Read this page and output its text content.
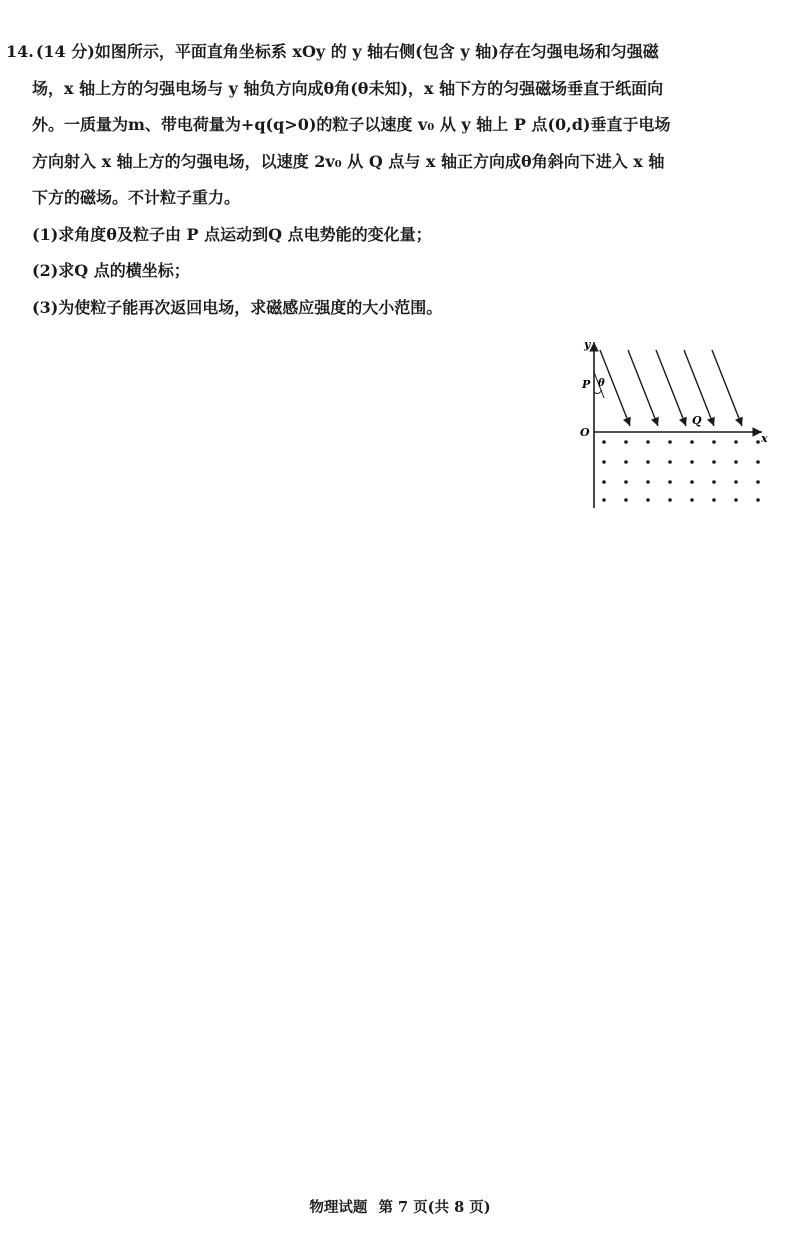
14. (14 分)如图所示，平面直角坐标系 xOy 的 y 轴右侧(包含 y 轴)存在匀强电场和匀强磁

场，x 轴上方的匀强电场与 y 轴负方向成θ角(θ未知)，x 轴下方的匀强磁场垂直于纸面向

外。一质量为m、带电荷量为+q(q>0)的粒子以速度 v₀ 从 y 轴上 P 点(0,d)垂直于电场

方向射入 x 轴上方的匀强电场，以速度 2v₀ 从 Q 点与 x 轴正方向成θ角斜向下进入 x 轴

下方的磁场。不计粒子重力。

(1)求角度θ及粒子由 P 点运动到Q 点电势能的变化量；

(2)求Q 点的横坐标；

(3)为使粒子能再次返回电场，求磁感应强度的大小范围。

y
x
O
P θ
Q
物理试题 第 7 页(共 8 页)
